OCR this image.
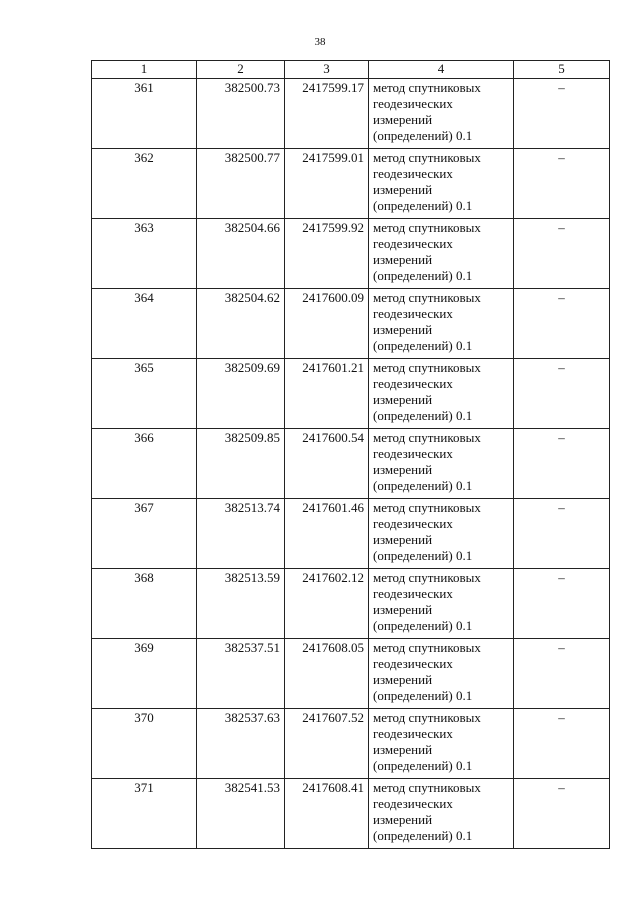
38
1	2	3	4	5
361	382500.73	2417599.17	метод спутниковых
геодезических
измерений
(определений) 0.1	–
362	382500.77	2417599.01	метод спутниковых
геодезических
измерений
(определений) 0.1	–
363	382504.66	2417599.92	метод спутниковых
геодезических
измерений
(определений) 0.1	–
364	382504.62	2417600.09	метод спутниковых
геодезических
измерений
(определений) 0.1	–
365	382509.69	2417601.21	метод спутниковых
геодезических
измерений
(определений) 0.1	–
366	382509.85	2417600.54	метод спутниковых
геодезических
измерений
(определений) 0.1	–
367	382513.74	2417601.46	метод спутниковых
геодезических
измерений
(определений) 0.1	–
368	382513.59	2417602.12	метод спутниковых
геодезических
измерений
(определений) 0.1	–
369	382537.51	2417608.05	метод спутниковых
геодезических
измерений
(определений) 0.1	–
370	382537.63	2417607.52	метод спутниковых
геодезических
измерений
(определений) 0.1	–
371	382541.53	2417608.41	метод спутниковых
геодезических
измерений
(определений) 0.1	–
